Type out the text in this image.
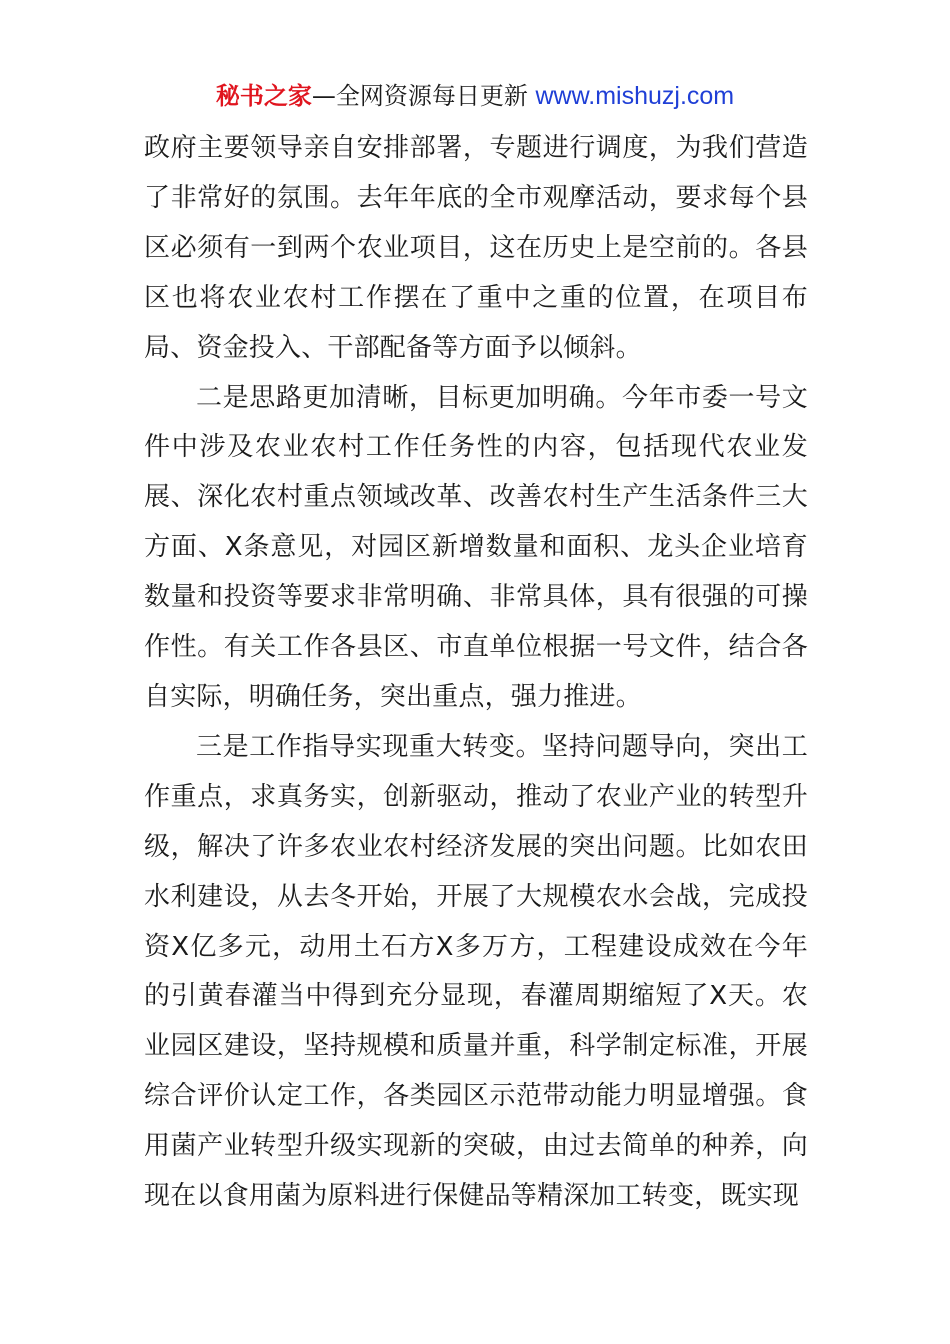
秘书之家—全网资源每日更新 www.mishuzj.com

政府主要领导亲自安排部署，专题进行调度，为我们营造了非常好的氛围。去年年底的全市观摩活动，要求每个县区必须有一到两个农业项目，这在历史上是空前的。各县区也将农业农村工作摆在了重中之重的位置，在项目布局、资金投入、干部配备等方面予以倾斜。

二是思路更加清晰，目标更加明确。今年市委一号文件中涉及农业农村工作任务性的内容，包括现代农业发展、深化农村重点领域改革、改善农村生产生活条件三大方面、X条意见，对园区新增数量和面积、龙头企业培育数量和投资等要求非常明确、非常具体，具有很强的可操作性。有关工作各县区、市直单位根据一号文件，结合各自实际，明确任务，突出重点，强力推进。

三是工作指导实现重大转变。坚持问题导向，突出工作重点，求真务实，创新驱动，推动了农业产业的转型升级，解决了许多农业农村经济发展的突出问题。比如农田水利建设，从去冬开始，开展了大规模农水会战，完成投资X亿多元，动用土石方X多万方，工程建设成效在今年的引黄春灌当中得到充分显现，春灌周期缩短了X天。农业园区建设，坚持规模和质量并重，科学制定标准，开展综合评价认定工作，各类园区示范带动能力明显增强。食用菌产业转型升级实现新的突破，由过去简单的种养，向现在以食用菌为原料进行保健品等精深加工转变，既实现
